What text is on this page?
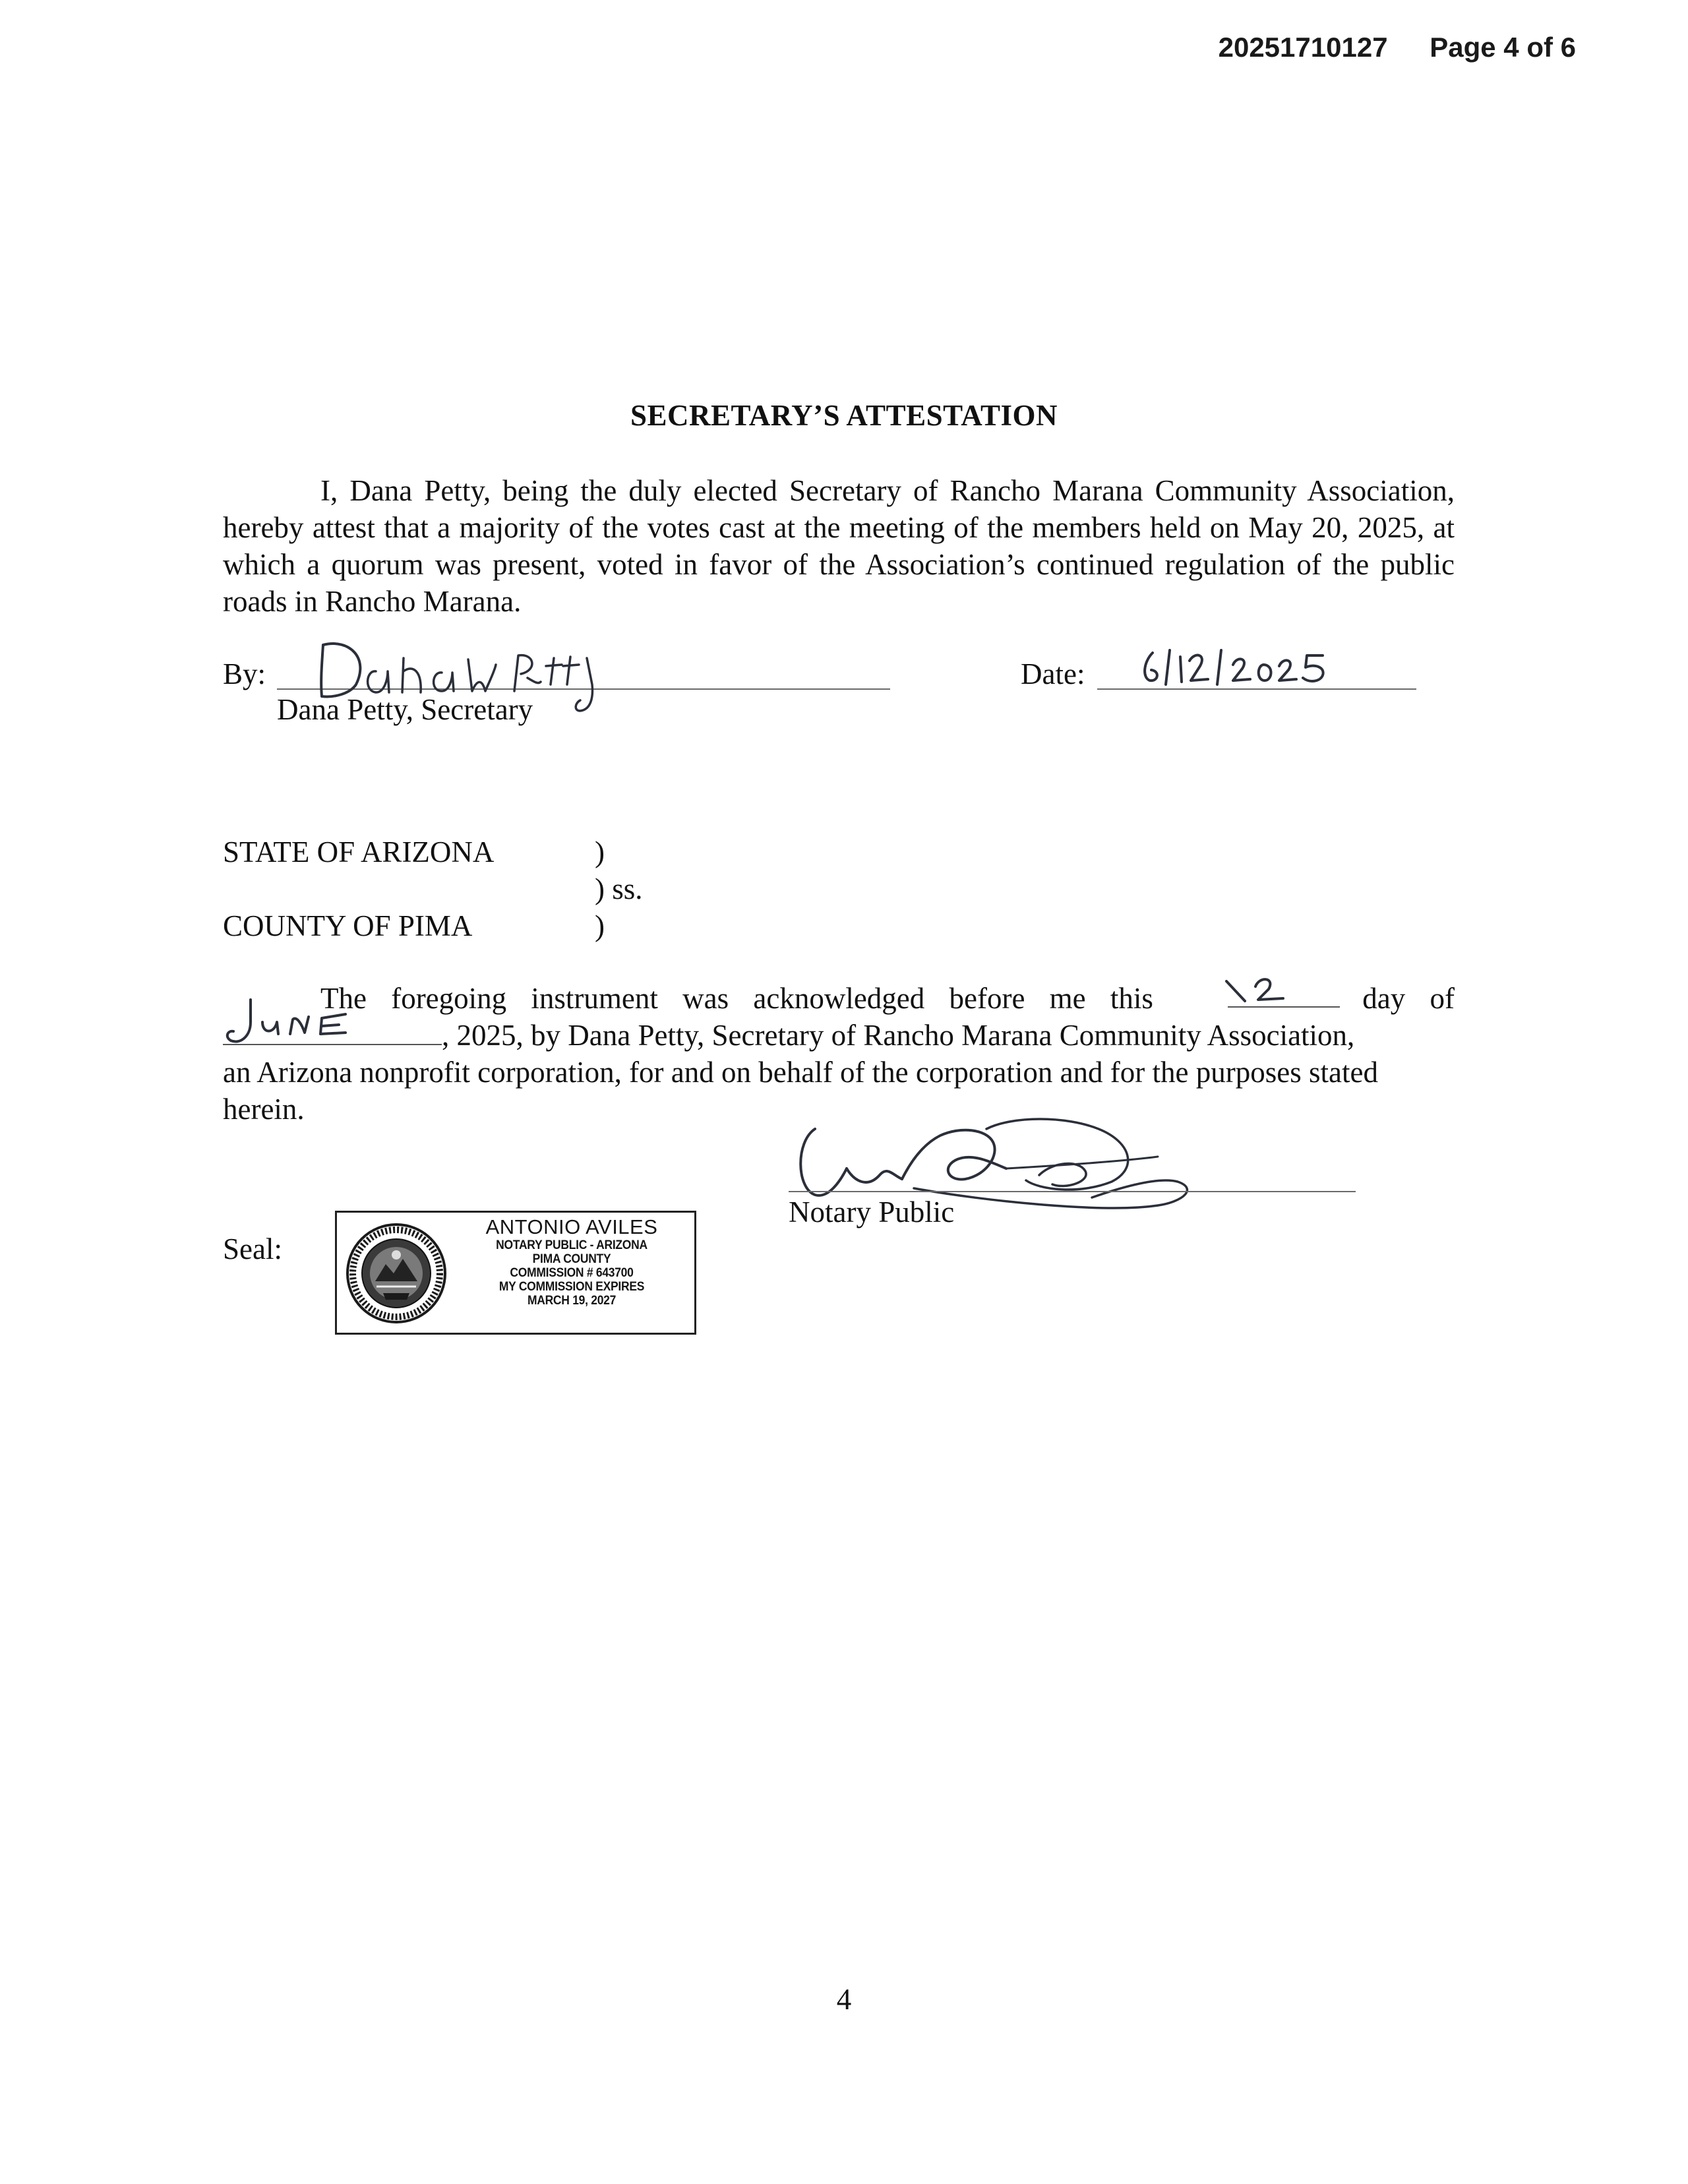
20251710127 Page 4 of 6
SECRETARY’S ATTESTATION
I, Dana Petty, being the duly elected Secretary of Rancho Marana Community Association, hereby attest that a majority of the votes cast at the meeting of the members held on May 20, 2025, at which a quorum was present, voted in favor of the Association’s continued regulation of the public roads in Rancho Marana.
By:
Dana Petty, Secretary
Date:
STATE OF ARIZONA
COUNTY OF PIMA
)
) ss.
)
The foregoing instrument was acknowledged before me this	day of
, 2025, by Dana Petty, Secretary of Rancho Marana Community Association,
an Arizona nonprofit corporation, for and on behalf of the corporation and for the purposes stated
herein.
Notary Public
Seal:
ANTONIO AVILES
NOTARY PUBLIC - ARIZONA
PIMA COUNTY
COMMISSION # 643700
MY COMMISSION EXPIRES
MARCH 19, 2027
4
